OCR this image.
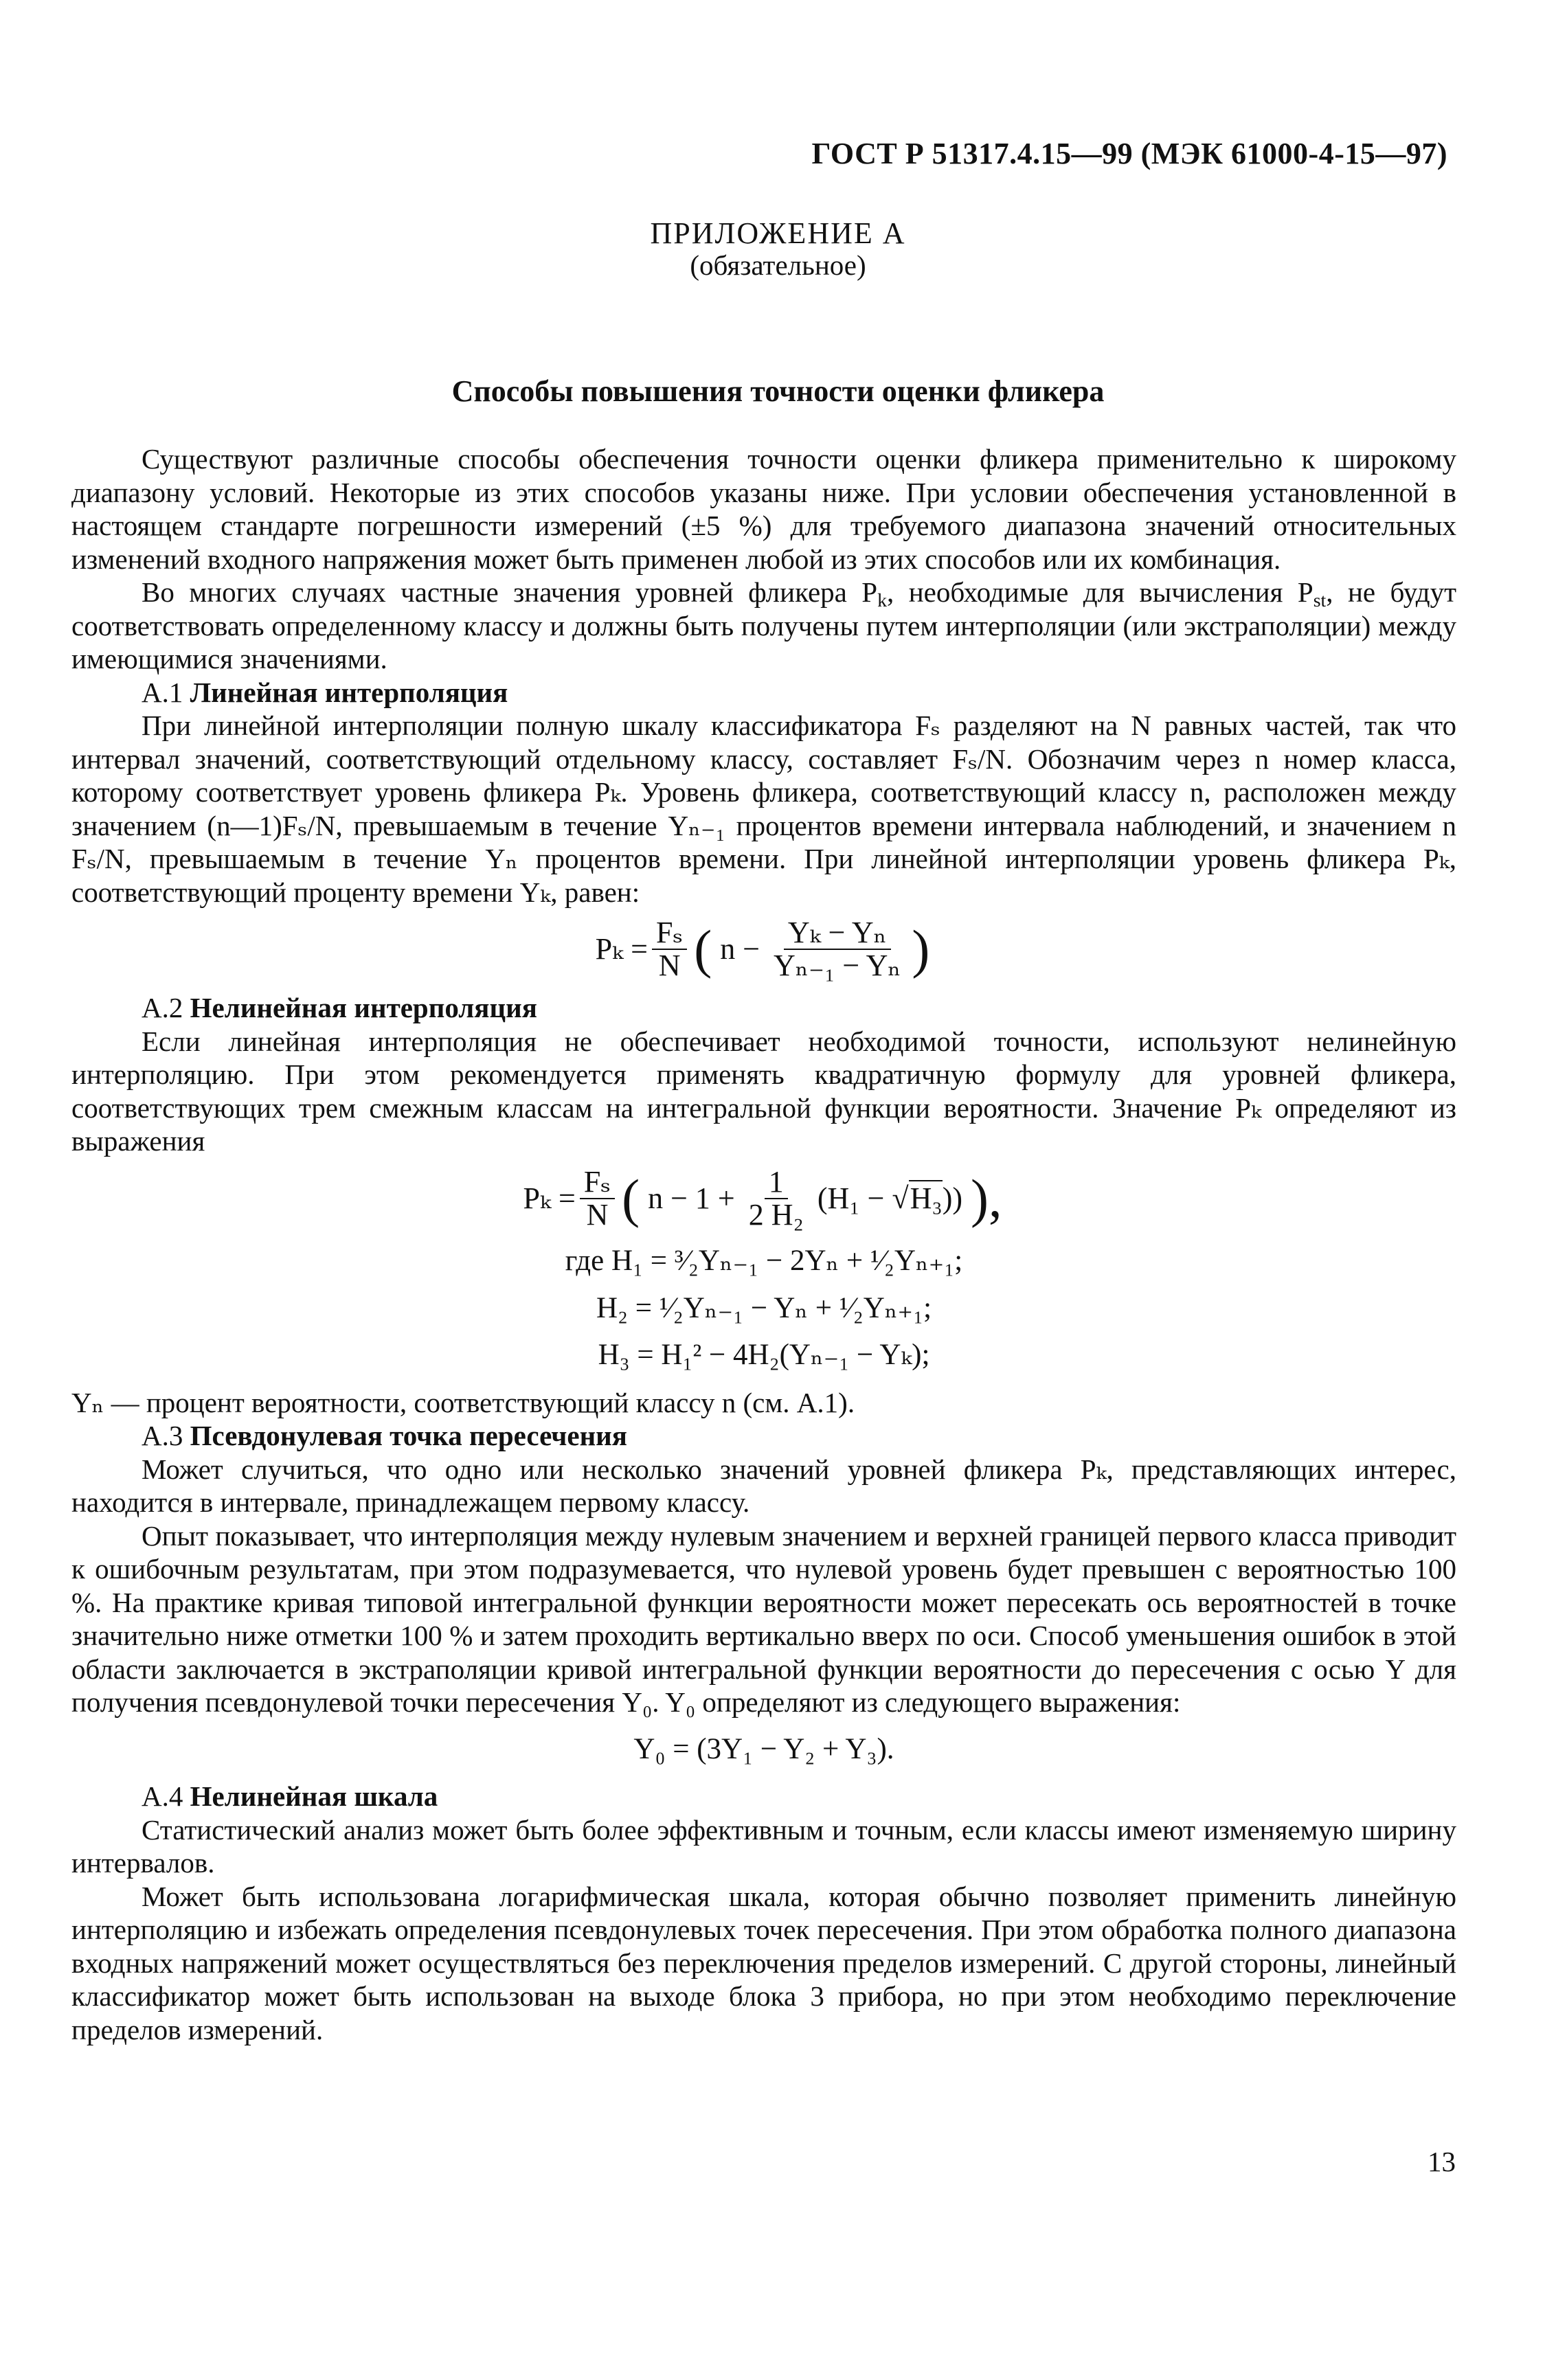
ГОСТ Р 51317.4.15—99 (МЭК 61000-4-15—97)
ПРИЛОЖЕНИЕ А
(обязательное)
Способы повышения точности оценки фликера

Существуют различные способы обеспечения точности оценки фликера применительно к широкому диапазону условий. Некоторые из этих способов указаны ниже. При условии обеспечения установленной в настоящем стандарте погрешности измерений (±5 %) для требуемого диапазона значений относительных изменений входного напряжения может быть применен любой из этих способов или их комбинация.

Во многих случаях частные значения уровней фликера $P_k$, необходимые для вычисления $P_{st}$, не будут соответствовать определенному классу и должны быть получены путем интерполяции (или экстраполяции) между имеющимися значениями.

A.1 Линейная интерполяция

При линейной интерполяции полную шкалу классификатора Fₛ разделяют на N равных частей, так что интервал значений, соответствующий отдельному классу, составляет Fₛ/N. Обозначим через n номер класса, которому соответствует уровень фликера Pₖ. Уровень фликера, соответствующий классу n, расположен между значением (n—1)Fₛ/N, превышаемым в течение Yₙ₋₁ процентов времени интервала наблюдений, и значением n Fₛ/N, превышаемым в течение Yₙ процентов времени. При линейной интерполяции уровень фликера Pₖ, соответствующий проценту времени Yₖ, равен:

$P_k = \frac{\text{Fₛ}}{N}$ ( $n - \frac{\text{Yₖ − Yₙ}}{\text{Yₙ₋₁ − Yₙ}}$ )
A.2 Нелинейная интерполяция

Если линейная интерполяция не обеспечивает необходимой точности, используют нелинейную интерполяцию. При этом рекомендуется применять квадратичную формулу для уровней фликера, соответствующих трем смежным классам на интегральной функции вероятности. Значение Pₖ определяют из выражения

$P_k = \frac{\text{Fₛ}}{N}$ ( $n - 1 + \frac{1}{\text{2 H₂}} (H_1 - √H_3)$) ),
где H₁ = ³⁄₂Yₙ₋₁ − 2Yₙ + ¹⁄₂Yₙ₊₁;
H₂ = ¹⁄₂Yₙ₋₁ − Yₙ + ¹⁄₂Yₙ₊₁;
H₃ = H₁² − 4H₂(Yₙ₋₁ − Yₖ);
Yₙ — процент вероятности, соответствующий классу n (см. А.1).
A.3 Псевдонулевая точка пересечения

Может случиться, что одно или несколько значений уровней фликера Pₖ, представляющих интерес, находится в интервале, принадлежащем первому классу.

Опыт показывает, что интерполяция между нулевым значением и верхней границей первого класса приводит к ошибочным результатам, при этом подразумевается, что нулевой уровень будет превышен с вероятностью 100 %. На практике кривая типовой интегральной функции вероятности может пересекать ось вероятностей в точке значительно ниже отметки 100 % и затем проходить вертикально вверх по оси. Способ уменьшения ошибок в этой области заключается в экстраполяции кривой интегральной функции вероятности до пересечения с осью Y для получения псевдонулевой точки пересечения Y₀. Y₀ определяют из следующего выражения:

Y₀ = (3Y₁ − Y₂ + Y₃).
A.4 Нелинейная шкала

Статистический анализ может быть более эффективным и точным, если классы имеют изменяемую ширину интервалов.

Может быть использована логарифмическая шкала, которая обычно позволяет применить линейную интерполяцию и избежать определения псевдонулевых точек пересечения. При этом обработка полного диапазона входных напряжений может осуществляться без переключения пределов измерений. С другой стороны, линейный классификатор может быть использован на выходе блока 3 прибора, но при этом необходимо переключение пределов измерений.

13
